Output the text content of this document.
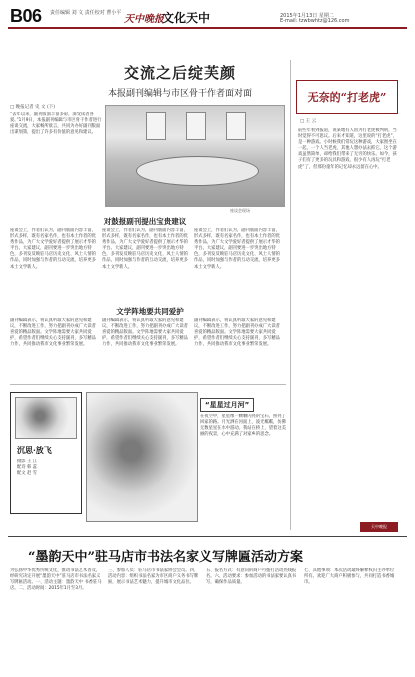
B06 责任编辑 刘 文 责任校对 曹小平
天中晚报
文化天中	2015年1月13日 星期二
E-mail: tzwbwhtz@126.com
交流之后绽芙颜
本报副刊编辑与市区骨干作者面对面
□ 晚报记者 史 文 (下)
“去年以来，副刊版面丰富多彩，深受读者喜爱。”1月9日，本报副刊编辑与市区骨干作者进行座谈交流，大家畅所欲言，共同为办好副刊版面出谋划策，提出了许多有价值的意见和建议。
座谈会现场
对鼓报副刊提出宝贵建议
座谈会上，作者们认为，副刊版面内容丰富，形式多样，既有名家名作，也有本土作者的优秀作品，为广大文学爱好者提供了展示才华的平台。大家建议，副刊要进一步突出地方特色，多刊发反映驻马店历史文化、风土人情的作品，同时加强与作者的互动交流，培养更多本土文学新人。
座谈会上，作者们认为，副刊版面内容丰富，形式多样，既有名家名作，也有本土作者的优秀作品，为广大文学爱好者提供了展示才华的平台。大家建议，副刊要进一步突出地方特色，多刊发反映驻马店历史文化、风土人情的作品，同时加强与作者的互动交流，培养更多本土文学新人。
座谈会上，作者们认为，副刊版面内容丰富，形式多样，既有名家名作，也有本土作者的优秀作品，为广大文学爱好者提供了展示才华的平台。大家建议，副刊要进一步突出地方特色，多刊发反映驻马店历史文化、风土人情的作品，同时加强与作者的互动交流，培养更多本土文学新人。
文学阵地要共同爱护
副刊编辑表示，将认真听取大家的意见和建议，不断改进工作，努力把副刊办成广大读者喜爱的精品版面。文学阵地需要大家共同爱护，希望作者们继续关心支持副刊，多写精品力作，共同推动我市文化事业繁荣发展。
副刊编辑表示，将认真听取大家的意见和建议，不断改进工作，努力把副刊办成广大读者喜爱的精品版面。文学阵地需要大家共同爱护，希望作者们继续关心支持副刊，多写精品力作，共同推动我市文化事业繁荣发展。
副刊编辑表示，将认真听取大家的意见和建议，不断改进工作，努力把副刊办成广大读者喜爱的精品版面。文学阵地需要大家共同爱护，希望作者们继续关心支持副刊，多写精品力作，共同推动我市文化事业繁荣发展。
无奈的“打老虎”
□ 王 云
前些年看到报道，说某地有人因为打老虎被判刑，当时觉得不可思议。后来才知道，这里说的“打老虎”，是一种游戏。小时候我们常玩这种游戏，大家围坐在一起，一个人当老虎，其他人想办法去抓它。这个游戏虽然简单，却给我们带来了无穷的快乐。如今，孩子们有了更多的玩具和游戏，很少有人再玩“打老虎”了，但那份童年的记忆却永远留在心中。
沉思·放飞
摄影 王 江
配诗 韩 蕊
配文 赵 雪
“星星过月河”
在夜空中，星星像一颗颗闪亮的宝石，照亮了回家的路。月光洒在河面上，波光粼粼，仿佛无数星星在水中游动。我站在桥上，望着这美丽的夜景，心中充满了对家乡的思念。
“墨韵天中”驻马店市书法名家义写牌匾活动方案
为弘扬中华优秀传统文化，推动书法艺术普及，经研究决定开展“墨韵天中”驻马店市书法名家义写牌匾活动。一、活动主题：墨韵天中 书香驻马店。二、活动时间：2015年1月至3月。
三、参加人员：驻马店市书法家协会会员。四、活动内容：组织书法名家为市区商户义务书写牌匾，展示书法艺术魅力，提升城市文化品位。
五、报名方式：有意向的商户可拨打活动热线报名。六、活动要求：参加活动的书法家要认真书写，确保作品质量。
七、其他事项：本次活动最终解释权归主办单位所有。欢迎广大商户积极参与，共同打造书香城市。
天中晚报
